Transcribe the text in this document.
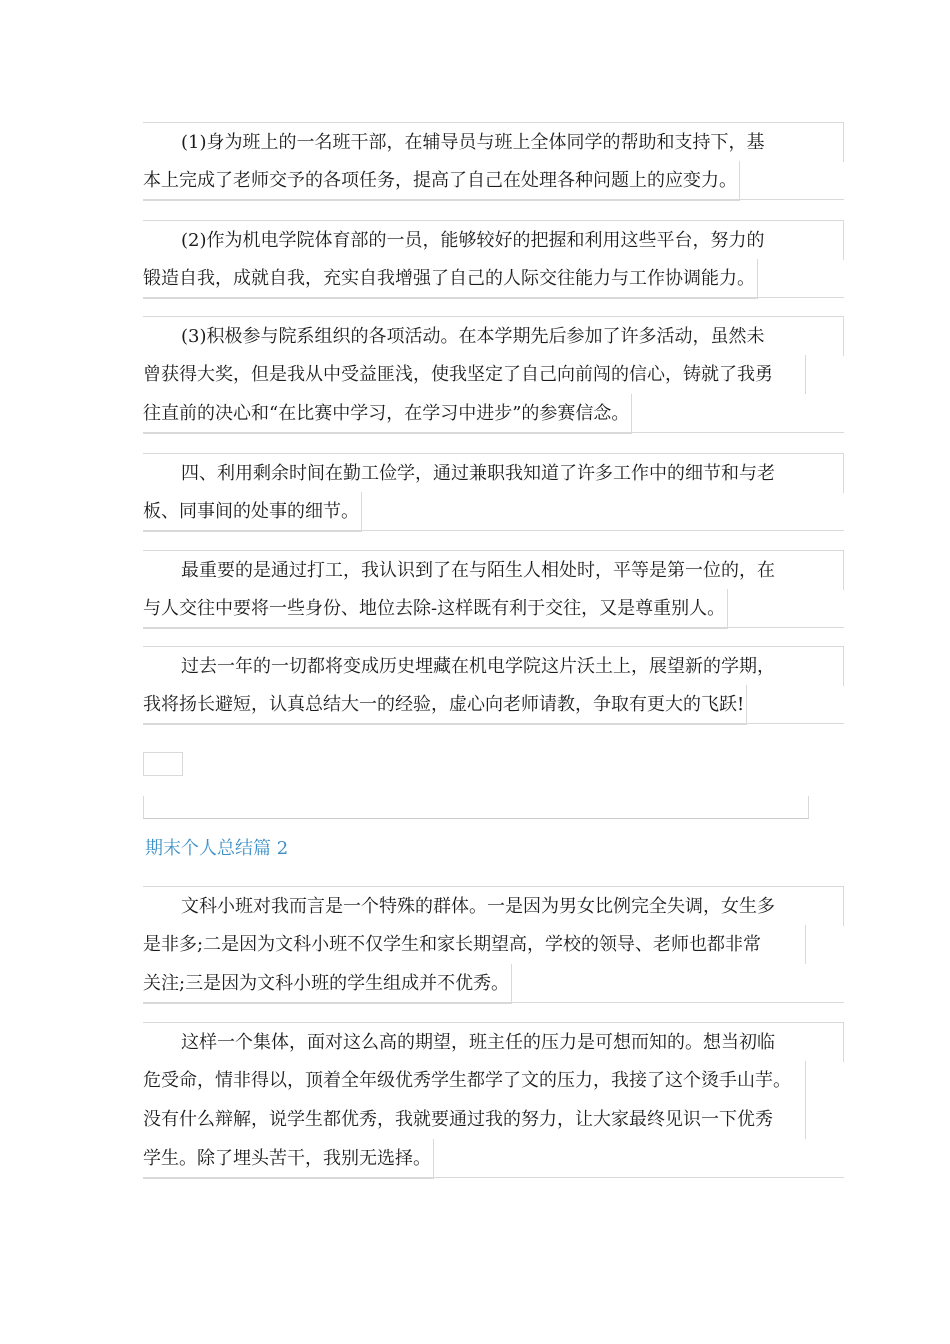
(1)身为班上的一名班干部，在辅导员与班上全体同学的帮助和支持下，基
本上完成了老师交予的各项任务，提高了自己在处理各种问题上的应变力。
(2)作为机电学院体育部的一员，能够较好的把握和利用这些平台，努力的
锻造自我，成就自我，充实自我增强了自己的人际交往能力与工作协调能力。
(3)积极参与院系组织的各项活动。在本学期先后参加了许多活动，虽然未
曾获得大奖，但是我从中受益匪浅，使我坚定了自己向前闯的信心，铸就了我勇
往直前的决心和“在比赛中学习，在学习中进步”的参赛信念。
四、利用剩余时间在勤工俭学，通过兼职我知道了许多工作中的细节和与老
板、同事间的处事的细节。
最重要的是通过打工，我认识到了在与陌生人相处时，平等是第一位的，在
与人交往中要将一些身份、地位去除-这样既有利于交往，又是尊重别人。
过去一年的一切都将变成历史埋藏在机电学院这片沃土上，展望新的学期，
我将扬长避短，认真总结大一的经验，虚心向老师请教，争取有更大的飞跃!
期末个人总结篇 2
文科小班对我而言是一个特殊的群体。一是因为男女比例完全失调，女生多
是非多;二是因为文科小班不仅学生和家长期望高，学校的领导、老师也都非常
关注;三是因为文科小班的学生组成并不优秀。
这样一个集体，面对这么高的期望，班主任的压力是可想而知的。想当初临
危受命，情非得以，顶着全年级优秀学生都学了文的压力，我接了这个烫手山芋。
没有什么辩解，说学生都优秀，我就要通过我的努力，让大家最终见识一下优秀
学生。除了埋头苦干，我别无选择。
